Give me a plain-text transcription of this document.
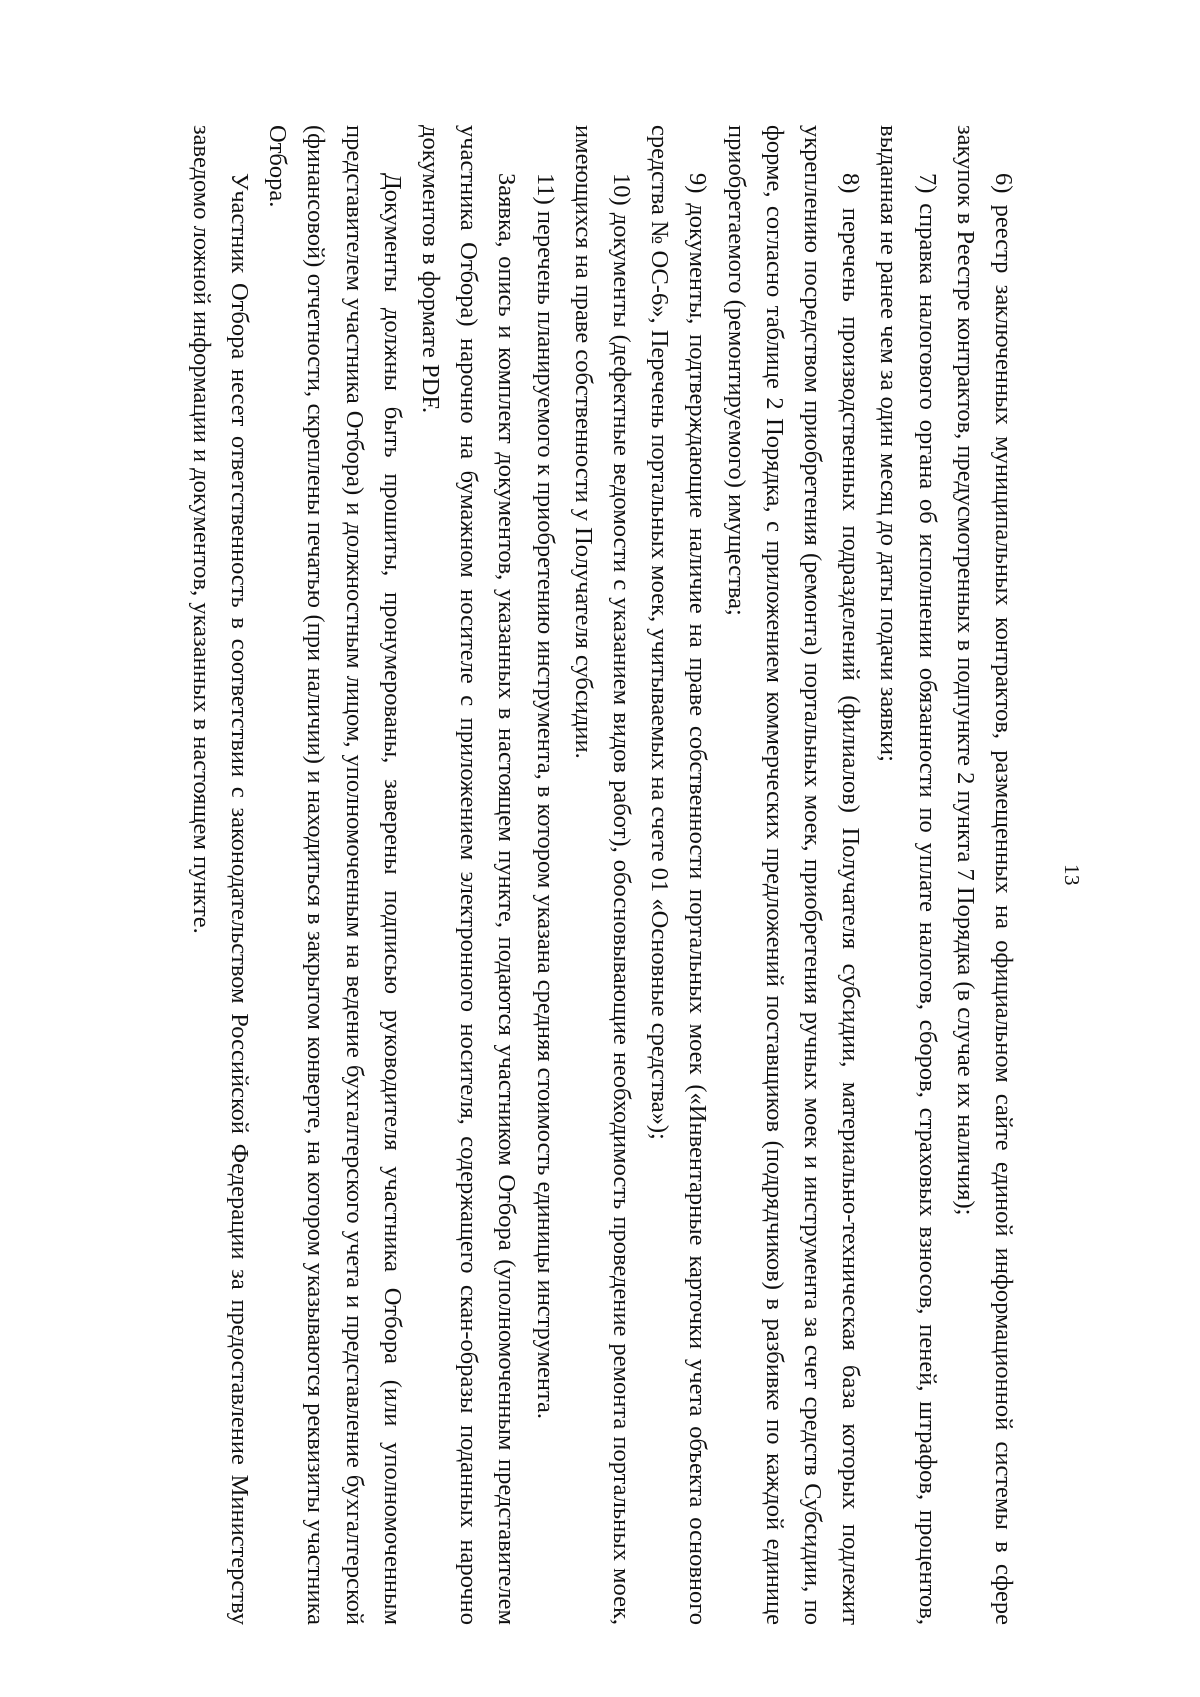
13

6) реестр заключенных муниципальных контрактов, размещенных на официальном сайте единой информационной системы в сфере закупок в Реестре контрактов, предусмотренных в подпункте 2 пункта 7 Порядка (в случае их наличия);

7) справка налогового органа об исполнении обязанности по уплате налогов, сборов, страховых взносов, пеней, штрафов, процентов, выданная не ранее чем за один месяц до даты подачи заявки;

8) перечень производственных подразделений (филиалов) Получателя субсидии, материально-техническая база которых подлежит укреплению посредством приобретения (ремонта) портальных моек, приобретения ручных моек и инструмента за счет средств Субсидии, по форме, согласно таблице 2 Порядка, с приложением коммерческих предложений поставщиков (подрядчиков) в разбивке по каждой единице приобретаемого (ремонтируемого) имущества;

9) документы, подтверждающие наличие на праве собственности портальных моек («Инвентарные карточки учета объекта основного средства № ОС-6», Перечень портальных моек, учитываемых на счете 01 «Основные средства»);

10) документы (дефектные ведомости с указанием видов работ), обосновывающие необходимость проведение ремонта портальных моек, имеющихся на праве собственности у Получателя субсидии.

11) перечень планируемого к приобретению инструмента, в котором указана средняя стоимость единицы инструмента.

Заявка, опись и комплект документов, указанных в настоящем пункте, подаются участником Отбора (уполномоченным представителем участника Отбора) нарочно на бумажном носителе с приложением электронного носителя, содержащего скан-образы поданных нарочно документов в формате PDF.

Документы должны быть прошиты, пронумерованы, заверены подписью руководителя участника Отбора (или уполномоченным представителем участника Отбора) и должностным лицом, уполномоченным на ведение бухгалтерского учета и представление бухгалтерской (финансовой) отчетности, скреплены печатью (при наличии) и находиться в закрытом конверте, на котором указываются реквизиты участника Отбора.

Участник Отбора несет ответственность в соответствии с законодательством Российской Федерации за предоставление Министерству заведомо ложной информации и документов, указанных в настоящем пункте.
